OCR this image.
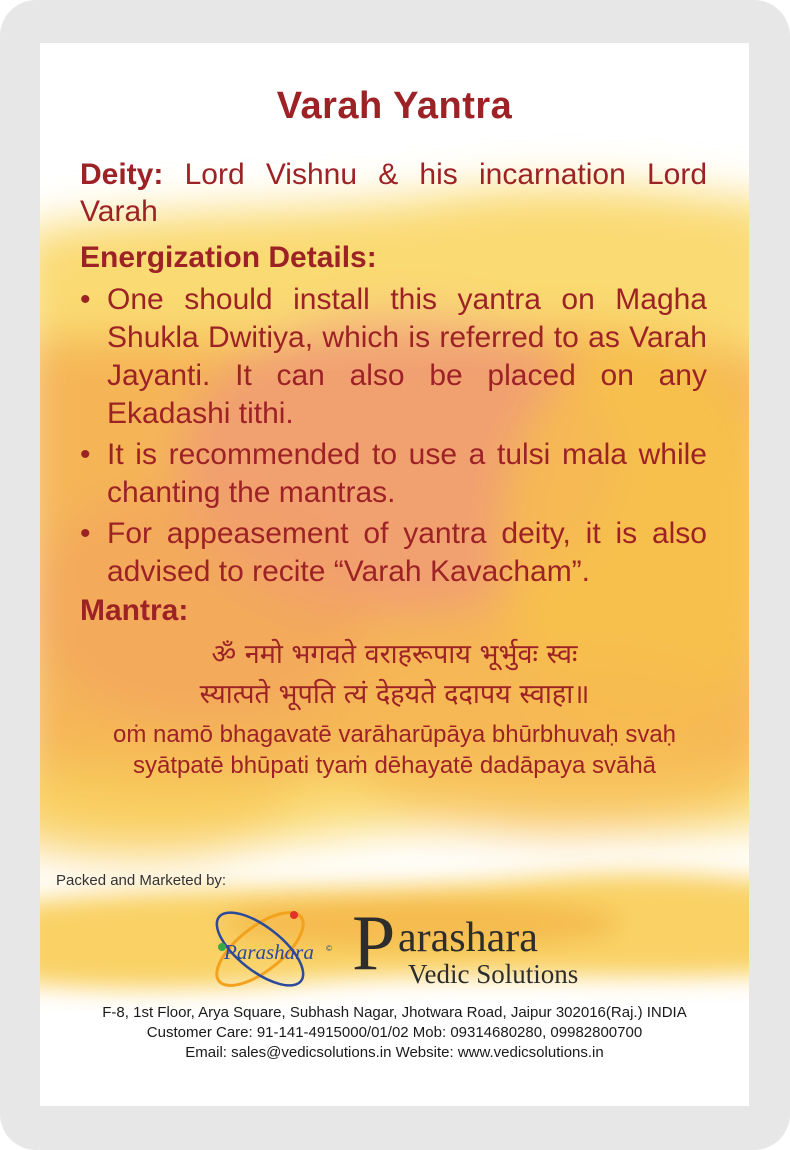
Varah Yantra
Deity: Lord Vishnu & his incarnation Lord Varah
Energization Details:
• One should install this yantra on Magha Shukla Dwitiya, which is referred to as Varah Jayanti. It can also be placed on any Ekadashi tithi.
• It is recommended to use a tulsi mala while chanting the mantras.
• For appeasement of yantra deity, it is also advised to recite “Varah Kavacham”.
Mantra:
ॐ नमो भगवते वराहरूपाय भूर्भुवः स्वः
स्यात्पते भूपति त्यं देहयते ददापय स्वाहा॥
oṁ namō bhagavatē varāharūpāya bhūrbhuvaḥ svaḥ
syātpatē bhūpati tyaṁ dēhayatē dadāpaya svāhā
Packed and Marketed by:
Parashara © P arashara
Vedic Solutions
F-8, 1st Floor, Arya Square, Subhash Nagar, Jhotwara Road, Jaipur 302016(Raj.) INDIA
Customer Care: 91-141-4915000/01/02 Mob: 09314680280, 09982800700
Email: sales@vedicsolutions.in Website: www.vedicsolutions.in
